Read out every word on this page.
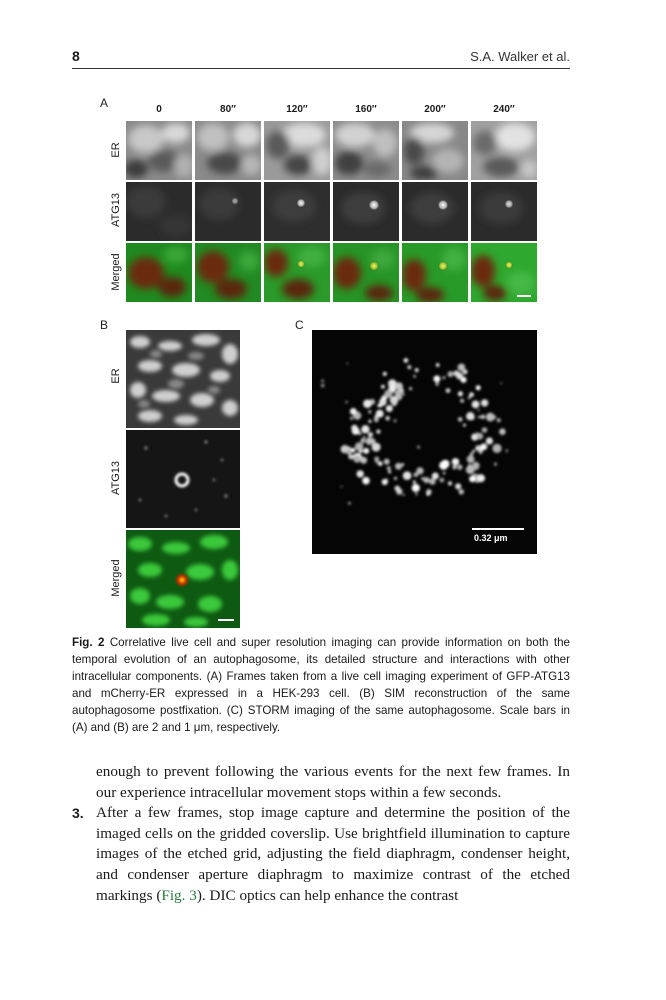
8	S.A. Walker et al.
A	0	80″	120″	160″	200″	240″
ER
ATG13
Merged
B
ER
ATG13
Merged
C
0.32 μm
Fig. 2 Correlative live cell and super resolution imaging can provide information on both the temporal evolution of an autophagosome, its detailed structure and interactions with other intracellular components. (A) Frames taken from a live cell imaging experiment of GFP-ATG13 and mCherry-ER expressed in a HEK-293 cell. (B) SIM reconstruction of the same autophagosome postfixation. (C) STORM imaging of the same autophagosome. Scale bars in (A) and (B) are 2 and 1 μm, respectively.
enough to prevent following the various events for the next few frames. In our experience intracellular movement stops within a few seconds.
3. After a few frames, stop image capture and determine the position of the imaged cells on the gridded coverslip. Use brightfield illumination to capture images of the etched grid, adjusting the field diaphragm, condenser height, and condenser aperture diaphragm to maximize contrast of the etched markings (Fig. 3). DIC optics can help enhance the contrast
